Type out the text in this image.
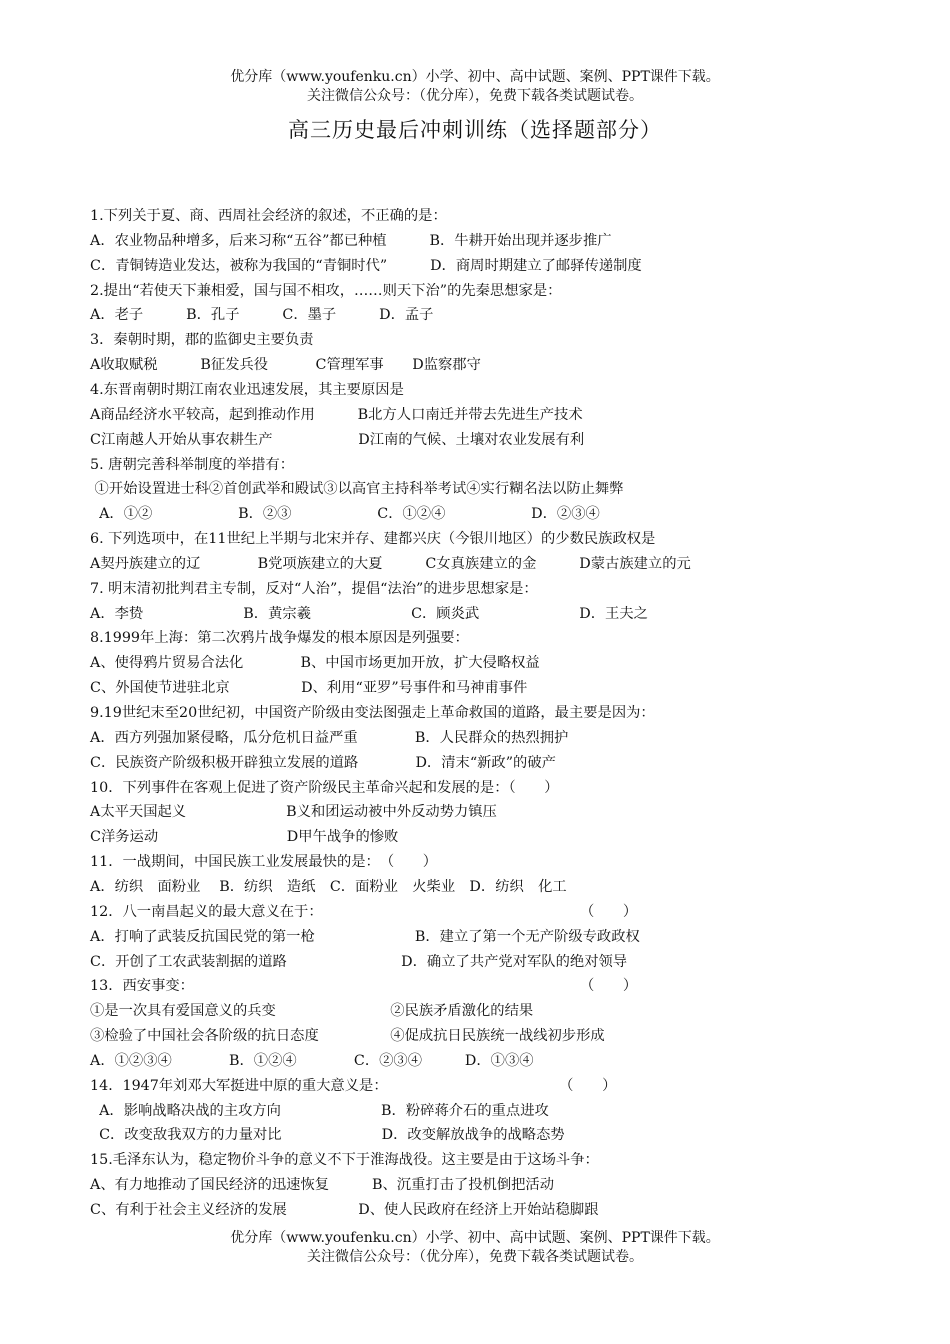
优分库（www.youfenku.cn）小学、初中、高中试题、案例、PPT课件下载。
关注微信公众号：（优分库），免费下载各类试题试卷。
高三历史最后冲刺训练（选择题部分）
1.下列关于夏、商、西周社会经济的叙述，不正确的是：
A．农业物品种增多，后来习称“五谷”都已种植　　　B．牛耕开始出现并逐步推广
C．青铜铸造业发达，被称为我国的“青铜时代”　　　D．商周时期建立了邮驿传递制度
2.提出“若使天下兼相爱，国与国不相攻，……则天下治”的先秦思想家是：
A．老子　　　B．孔子　　　C．墨子　　　D．孟子
3．秦朝时期，郡的监御史主要负责
A收取赋税　　　B征发兵役　　　 C管理军事　　D监察郡守
4.东晋南朝时期江南农业迅速发展，其主要原因是
A商品经济水平较高，起到推动作用　　　B北方人口南迁并带去先进生产技术
C江南越人开始从事农耕生产　　　　　　D江南的气候、土壤对农业发展有利
5. 唐朝完善科举制度的举措有：
①开始设置进士科②首创武举和殿试③以高官主持科举考试④实行糊名法以防止舞弊
A．①②　　　　　　B．②③　　　　　　C．①②④　　　　　　D．②③④
6. 下列选项中，在11世纪上半期与北宋并存、建都兴庆（今银川地区）的少数民族政权是
A契丹族建立的辽　　　　B党项族建立的大夏　　　C女真族建立的金　　　D蒙古族建立的元
7. 明末清初批判君主专制，反对“人治”，提倡“法治”的进步思想家是：
A．李贽　　　　　　　B．黄宗羲　　　　　　　C．顾炎武　　　　　　　D．王夫之
8.1999年上海：第二次鸦片战争爆发的根本原因是列强要：
A、使得鸦片贸易合法化　　　　B、中国市场更加开放，扩大侵略权益
C、外国使节进驻北京　　　　　D、利用“亚罗”号事件和马神甫事件
9.19世纪末至20世纪初，中国资产阶级由变法图强走上革命救国的道路，最主要是因为：
A．西方列强加紧侵略，瓜分危机日益严重　　　　B．人民群众的热烈拥护
C．民族资产阶级积极开辟独立发展的道路　　　　D．清末“新政”的破产
10．下列事件在客观上促进了资产阶级民主革命兴起和发展的是：（　　）
A太平天国起义　　　　　　　B义和团运动被中外反动势力镇压
C洋务运动　　　　　　　　　D甲午战争的惨败
11．一战期间，中国民族工业发展最快的是：　（　　）
A．纺织　面粉业　 B．纺织　造纸　C．面粉业　火柴业　D．纺织　化工
12．八一南昌起义的最大意义在于：　　　　　　　　　　　　　　　　　　　（　　）
A．打响了武装反抗国民党的第一枪　　　　　　　B．建立了第一个无产阶级专政政权
C．开创了工农武装割据的道路　　　　　　　　D．确立了共产党对军队的绝对领导
13．西安事变：　　　　　　　　　　　　　　　　　　　　　　　　　　　　（　　）
①是一次具有爱国意义的兵变　　　　　　　　②民族矛盾激化的结果
③检验了中国社会各阶级的抗日态度　　　　　④促成抗日民族统一战线初步形成
A．①②③④　　　　B．①②④　　　　C．②③④　　　D．①③④
14．1947年刘邓大军挺进中原的重大意义是：　　　　　　　　　　　　　（　　）
A．影响战略决战的主攻方向　　　　　　　B．粉碎蒋介石的重点进攻
C．改变敌我双方的力量对比　　　　　　　D．改变解放战争的战略态势
15.毛泽东认为，稳定物价斗争的意义不下于淮海战役。这主要是由于这场斗争：
A、有力地推动了国民经济的迅速恢复　　　B、沉重打击了投机倒把活动
C、有利于社会主义经济的发展　　　　　D、使人民政府在经济上开始站稳脚跟
优分库（www.youfenku.cn）小学、初中、高中试题、案例、PPT课件下载。
关注微信公众号：（优分库），免费下载各类试题试卷。
